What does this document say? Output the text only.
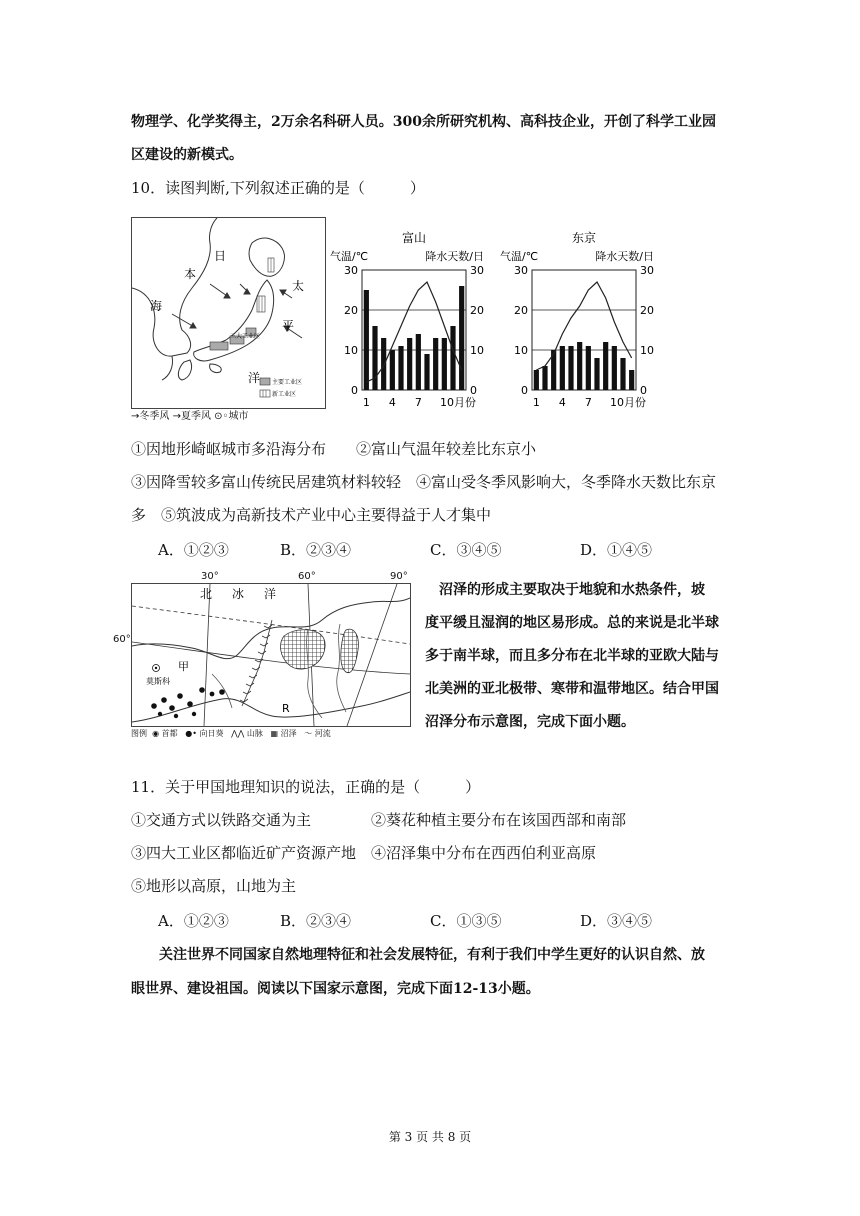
物理学、化学奖得主，2万余名科研人员。300余所研究机构、高科技企业，开创了科学工业园
区建设的新模式。
10．读图判断,下列叙述正确的是（　　　）
日
本
海
太
平
洋
三大工业区
主要工业区
新工业区
→冬季风 →夏季风 ⊙◦城市
富山
气温/℃	降水天数/日
0	0
10	10
20	20
30	30
1 4 7 10月份
东京
气温/℃	降水天数/日
0	0
10	10
20	20
30	30
1 4 7 10月份
①因地形崎岖城市多沿海分布　　②富山气温年较差比东京小
③因降雪较多富山传统民居建筑材料较轻　④富山受冬季风影响大，冬季降水天数比东京
多　⑤筑波成为高新技术产业中心主要得益于人才集中
A．①②③	B．②③④	C．③④⑤	D．①④⑤
30°	60°	90°
60°
北　冰　洋
甲
莫斯科
R
图例 ◉ 首都 ●• 向日葵 ⋀⋀ 山脉 ▦ 沼泽 〜 河流
沼泽的形成主要取决于地貌和水热条件，坡
度平缓且湿润的地区易形成。总的来说是北半球
多于南半球，而且多分布在北半球的亚欧大陆与
北美洲的亚北极带、寒带和温带地区。结合甲国
沼泽分布示意图，完成下面小题。
11．关于甲国地理知识的说法，正确的是（　　　）
①交通方式以铁路交通为主　　　　②葵花种植主要分布在该国西部和南部
③四大工业区都临近矿产资源产地　④沼泽集中分布在西西伯利亚高原
⑤地形以高原，山地为主
A．①②③	B．②③④	C．①③⑤	D．③④⑤
关注世界不同国家自然地理特征和社会发展特征，有利于我们中学生更好的认识自然、放
眼世界、建设祖国。阅读以下国家示意图，完成下面12-13小题。
第 3 页 共 8 页
